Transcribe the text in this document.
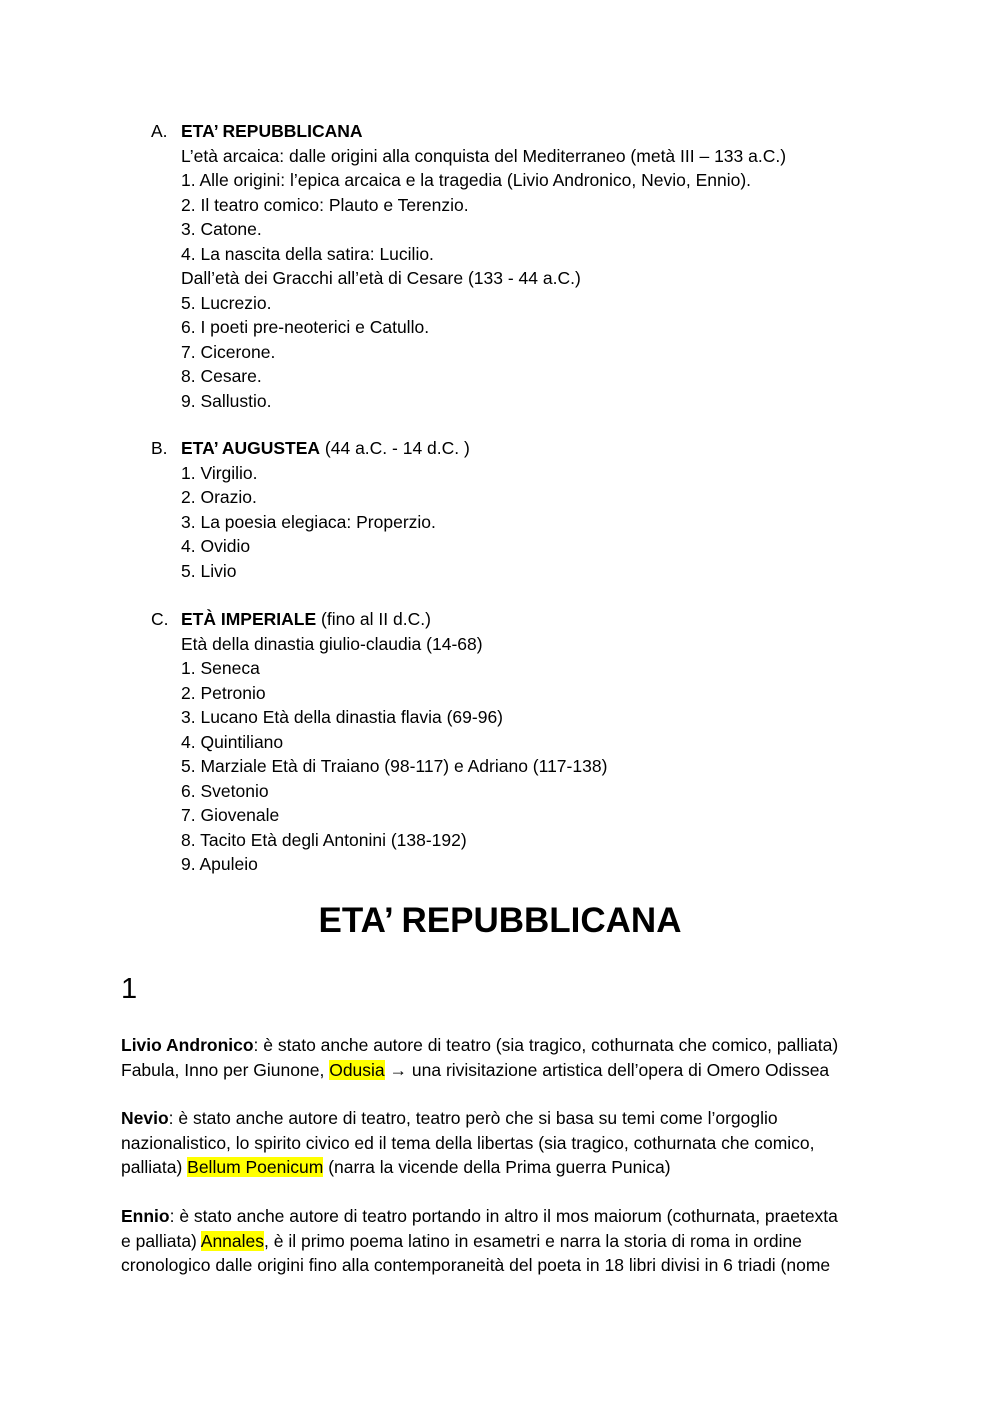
A. ETA’ REPUBBLICANA
L’età arcaica: dalle origini alla conquista del Mediterraneo (metà III – 133 a.C.)
1. Alle origini: l’epica arcaica e la tragedia (Livio Andronico, Nevio, Ennio).
2. Il teatro comico: Plauto e Terenzio.
3. Catone.
4. La nascita della satira: Lucilio.
Dall’età dei Gracchi all’età di Cesare (133 - 44 a.C.)
5. Lucrezio.
6. I poeti pre-neoterici e Catullo.
7. Cicerone.
8. Cesare.
9. Sallustio.
B. ETA’ AUGUSTEA (44 a.C. - 14 d.C. )
1. Virgilio.
2. Orazio.
3. La poesia elegiaca: Properzio.
4. Ovidio
5. Livio
C. ETÀ IMPERIALE (fino al II d.C.)
Età della dinastia giulio-claudia (14-68)
1. Seneca
2. Petronio
3. Lucano Età della dinastia flavia (69-96)
4. Quintiliano
5. Marziale Età di Traiano (98-117) e Adriano (117-138)
6. Svetonio
7. Giovenale
8. Tacito Età degli Antonini (138-192)
9. Apuleio
ETA’ REPUBBLICANA
1

Livio Andronico: è stato anche autore di teatro (sia tragico, cothurnata che comico, palliata)
Fabula, Inno per Giunone, Odusia → una rivisitazione artistica dell’opera di Omero Odissea

Nevio: è stato anche autore di teatro, teatro però che si basa su temi come l’orgoglio
nazionalistico, lo spirito civico ed il tema della libertas (sia tragico, cothurnata che comico,
palliata) Bellum Poenicum (narra la vicende della Prima guerra Punica)

Ennio: è stato anche autore di teatro portando in altro il mos maiorum (cothurnata, praetexta
e palliata) Annales, è il primo poema latino in esametri e narra la storia di roma in ordine
cronologico dalle origini fino alla contemporaneità del poeta in 18 libri divisi in 6 triadi (nome
